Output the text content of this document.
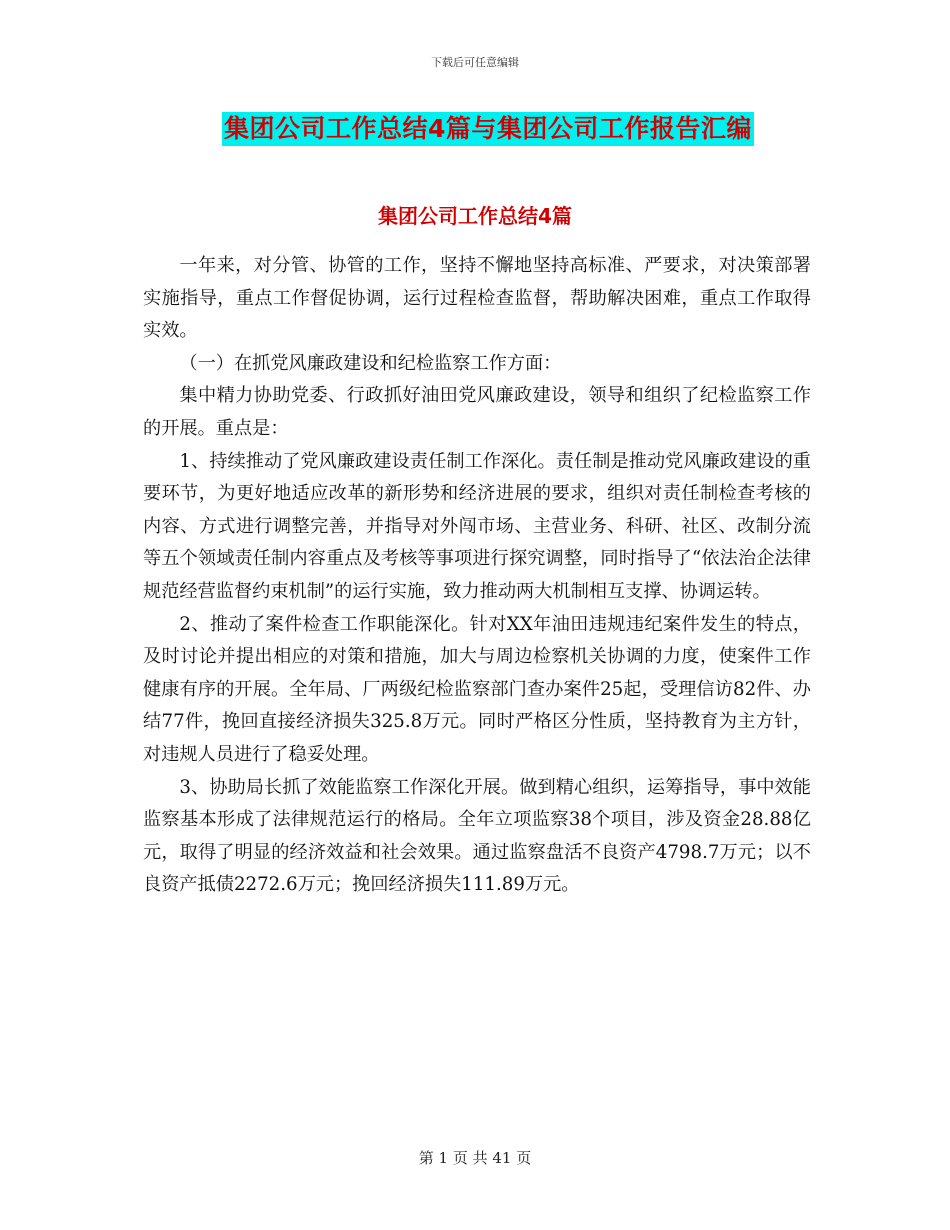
下载后可任意编辑
集团公司工作总结4篇与集团公司工作报告汇编
集团公司工作总结4篇

一年来，对分管、协管的工作，坚持不懈地坚持高标准、严要求，对决策部署实施指导，重点工作督促协调，运行过程检查监督，帮助解决困难，重点工作取得实效。

（一）在抓党风廉政建设和纪检监察工作方面：

集中精力协助党委、行政抓好油田党风廉政建设，领导和组织了纪检监察工作的开展。重点是：

1、持续推动了党风廉政建设责任制工作深化。责任制是推动党风廉政建设的重要环节，为更好地适应改革的新形势和经济进展的要求，组织对责任制检查考核的内容、方式进行调整完善，并指导对外闯市场、主营业务、科研、社区、改制分流等五个领域责任制内容重点及考核等事项进行探究调整，同时指导了“依法治企法律规范经营监督约束机制”的运行实施，致力推动两大机制相互支撑、协调运转。

2、推动了案件检查工作职能深化。针对XX年油田违规违纪案件发生的特点，及时讨论并提出相应的对策和措施，加大与周边检察机关协调的力度，使案件工作健康有序的开展。全年局、厂两级纪检监察部门查办案件25起，受理信访82件、办结77件，挽回直接经济损失325.8万元。同时严格区分性质，坚持教育为主方针，对违规人员进行了稳妥处理。

3、协助局长抓了效能监察工作深化开展。做到精心组织，运筹指导，事中效能监察基本形成了法律规范运行的格局。全年立项监察38个项目，涉及资金28.88亿元，取得了明显的经济效益和社会效果。通过监察盘活不良资产4798.7万元；以不良资产抵债2272.6万元；挽回经济损失111.89万元。

第 1 页 共 41 页
